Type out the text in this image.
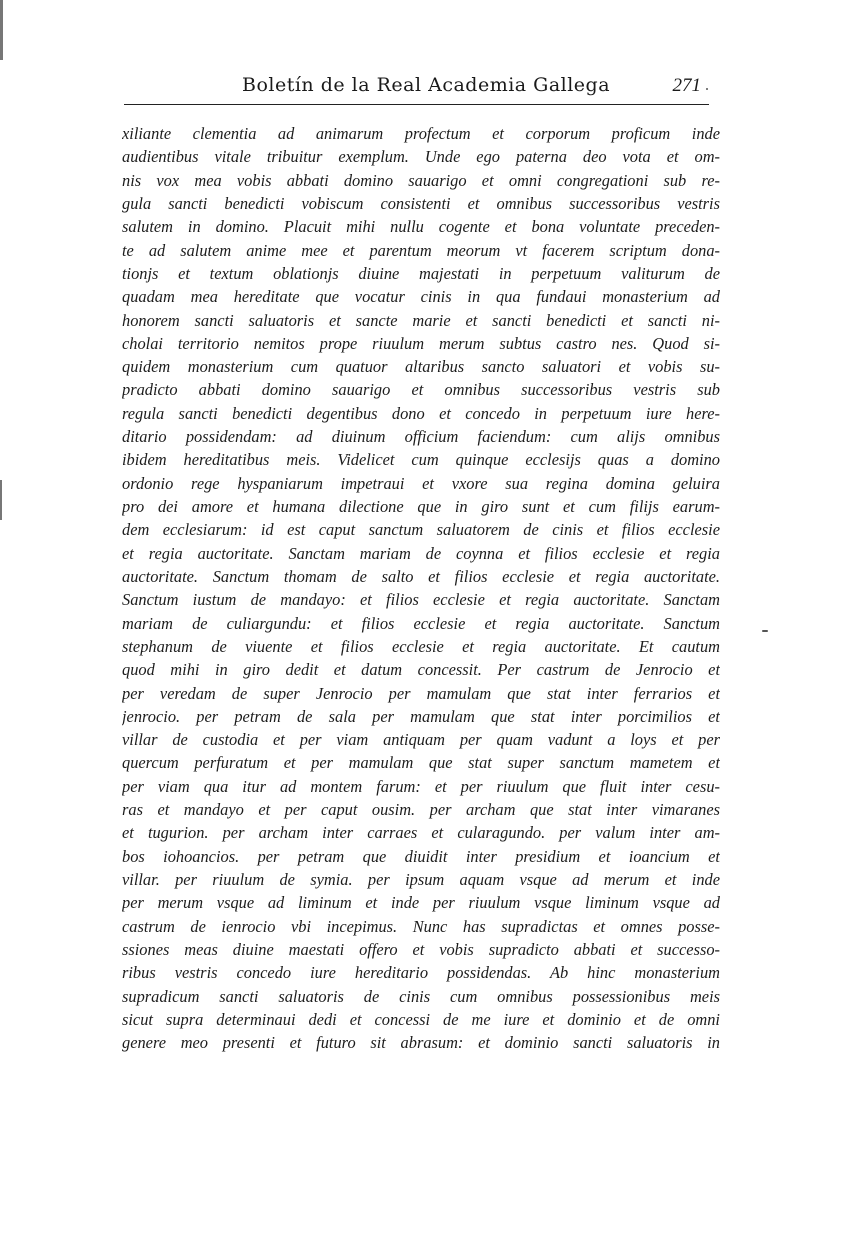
Boletín de la Real Academia Gallega	271
xiliante clementia ad animarum profectum et corporum proficum inde
audientibus vitale tribuitur exemplum. Unde ego paterna deo vota et om-
nis vox mea vobis abbati domino sauarigo et omni congregationi sub re-
gula sancti benedicti vobiscum consistenti et omnibus successoribus vestris
salutem in domino. Placuit mihi nullu cogente et bona voluntate preceden-
te ad salutem anime mee et parentum meorum vt facerem scriptum dona-
tionjs et textum oblationjs diuine majestati in perpetuum valiturum de
quadam mea hereditate que vocatur cinis in qua fundaui monasterium ad
honorem sancti saluatoris et sancte marie et sancti benedicti et sancti ni-
cholai territorio nemitos prope riuulum merum subtus castro nes. Quod si-
quidem monasterium cum quatuor altaribus sancto saluatori et vobis su-
pradicto abbati domino sauarigo et omnibus successoribus vestris sub
regula sancti benedicti degentibus dono et concedo in perpetuum iure here-
ditario possidendam: ad diuinum officium faciendum: cum alijs omnibus
ibidem hereditatibus meis. Videlicet cum quinque ecclesijs quas a domino
ordonio rege hyspaniarum impetraui et vxore sua regina domina geluira
pro dei amore et humana dilectione que in giro sunt et cum filijs earum-
dem ecclesiarum: id est caput sanctum saluatorem de cinis et filios ecclesie
et regia auctoritate. Sanctam mariam de coynna et filios ecclesie et regia
auctoritate. Sanctum thomam de salto et filios ecclesie et regia auctoritate.
Sanctum iustum de mandayo: et filios ecclesie et regia auctoritate. Sanctam
mariam de culiargundu: et filios ecclesie et regia auctoritate. Sanctum
stephanum de viuente et filios ecclesie et regia auctoritate. Et cautum
quod mihi in giro dedit et datum concessit. Per castrum de Jenrocio et
per veredam de super Jenrocio per mamulam que stat inter ferrarios et
jenrocio. per petram de sala per mamulam que stat inter porcimilios et
villar de custodia et per viam antiquam per quam vadunt a loys et per
quercum perfuratum et per mamulam que stat super sanctum mametem et
per viam qua itur ad montem farum: et per riuulum que fluit inter cesu-
ras et mandayo et per caput ousim. per archam que stat inter vimaranes
et tugurion. per archam inter carraes et cularagundo. per valum inter am-
bos iohoancios. per petram que diuidit inter presidium et ioancium et
villar. per riuulum de symia. per ipsum aquam vsque ad merum et inde
per merum vsque ad liminum et inde per riuulum vsque liminum vsque ad
castrum de ienrocio vbi incepimus. Nunc has supradictas et omnes posse-
ssiones meas diuine maestati offero et vobis supradicto abbati et successo-
ribus vestris concedo iure hereditario possidendas. Ab hinc monasterium
supradicum sancti saluatoris de cinis cum omnibus possessionibus meis
sicut supra determinaui dedi et concessi de me iure et dominio et de omni
genere meo presenti et futuro sit abrasum: et dominio sancti saluatoris in
